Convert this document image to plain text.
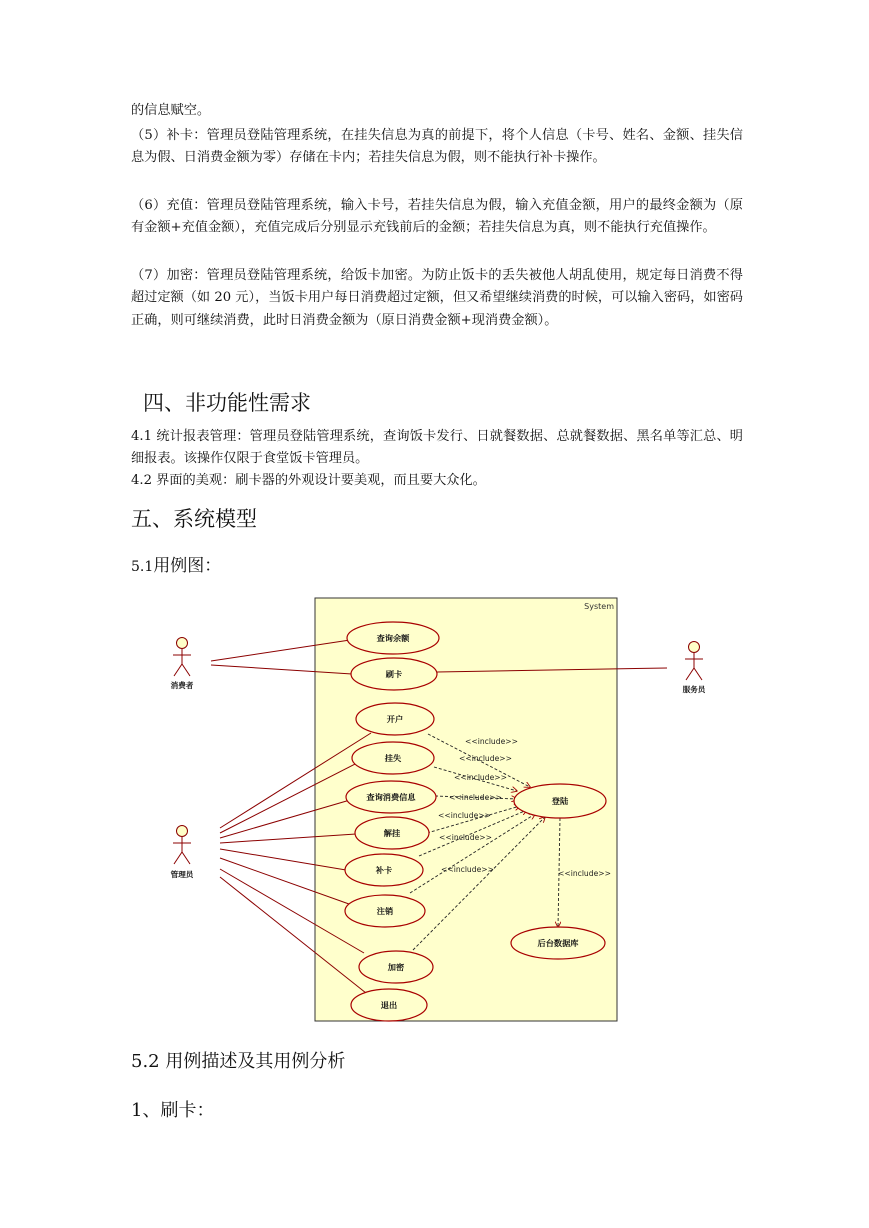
的信息赋空。

（5）补卡：管理员登陆管理系统，在挂失信息为真的前提下，将个人信息（卡号、姓名、金额、挂失信息为假、日消费金额为零）存储在卡内；若挂失信息为假，则不能执行补卡操作。

（6）充值：管理员登陆管理系统，输入卡号，若挂失信息为假，输入充值金额，用户的最终金额为（原有金额+充值金额），充值完成后分别显示充钱前后的金额；若挂失信息为真，则不能执行充值操作。

（7）加密：管理员登陆管理系统，给饭卡加密。为防止饭卡的丢失被他人胡乱使用，规定每日消费不得超过定额（如 20 元），当饭卡用户每日消费超过定额，但又希望继续消费的时候，可以输入密码，如密码正确，则可继续消费，此时日消费金额为（原日消费金额+现消费金额）。

四、非功能性需求

4.1 统计报表管理：管理员登陆管理系统，查询饭卡发行、日就餐数据、总就餐数据、黑名单等汇总、明细报表。该操作仅限于食堂饭卡管理员。

4.2 界面的美观：刷卡器的外观设计要美观，而且要大众化。

五、系统模型
5.1用例图：
System
<<include>>
<<include>>
<<include>>
<<include>>
<<include>>
<<include>>
<<include>>	<<include>>
查询余额
刷卡
开户
挂失
查询消费信息
解挂
补卡
注销
加密
退出
登陆
后台数据库
消费者	服务员
管理员
5.2 用例描述及其用例分析
1、刷卡：
